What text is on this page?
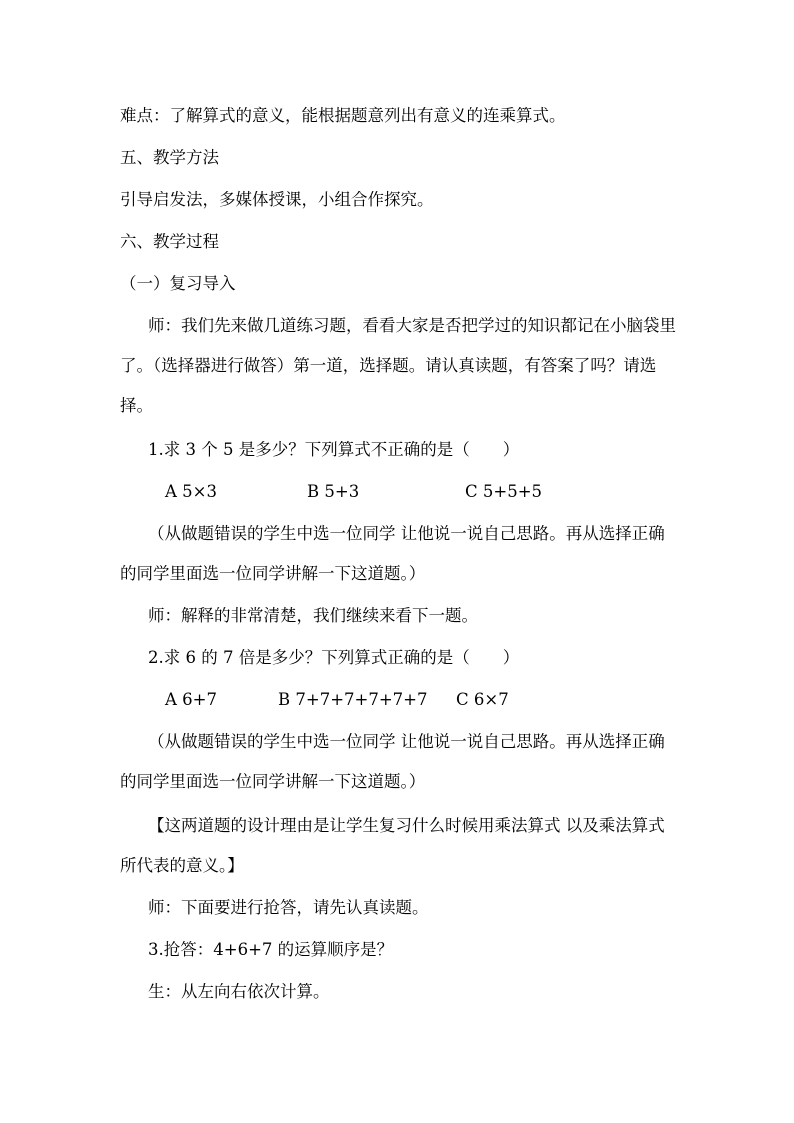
难点：了解算式的意义，能根据题意列出有意义的连乘算式。
五、教学方法
引导启发法，多媒体授课，小组合作探究。
六、教学过程
（一）复习导入
师：我们先来做几道练习题，看看大家是否把学过的知识都记在小脑袋里了。（选择器进行做答）第一道，选择题。请认真读题，有答案了吗？请选择。
1.求 3 个 5 是多少？下列算式不正确的是（　　）
A 5×3	B 5+3	C 5+5+5
（从做题错误的学生中选一位同学 让他说一说自己思路。再从选择正确的同学里面选一位同学讲解一下这道题。）
师：解释的非常清楚，我们继续来看下一题。
2.求 6 的 7 倍是多少？下列算式正确的是（　　）
A 6+7	B 7+7+7+7+7+7 C 6×7
（从做题错误的学生中选一位同学 让他说一说自己思路。再从选择正确的同学里面选一位同学讲解一下这道题。）
【这两道题的设计理由是让学生复习什么时候用乘法算式 以及乘法算式所代表的意义。】
师：下面要进行抢答，请先认真读题。
3.抢答：4+6+7 的运算顺序是？
生：从左向右依次计算。
